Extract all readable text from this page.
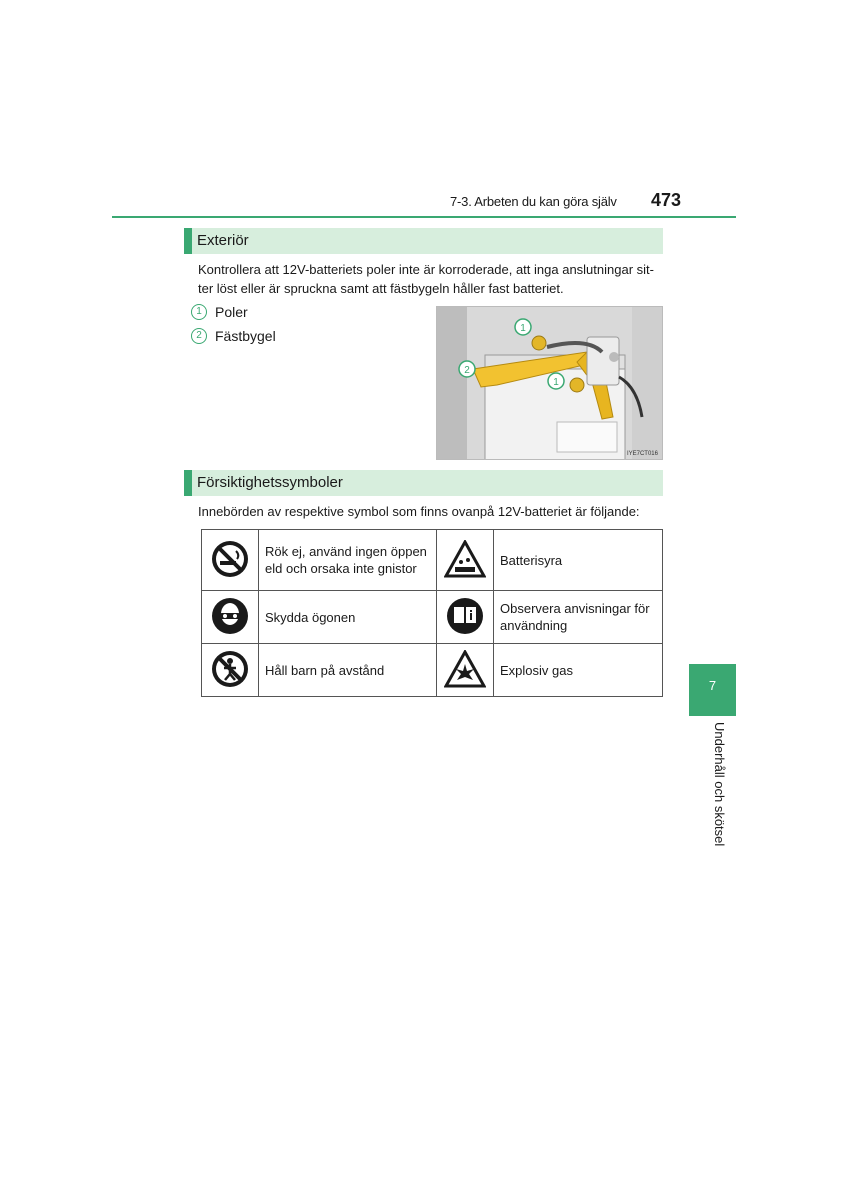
7-3. Arbeten du kan göra själv 473
Exteriör
Kontrollera att 12V-batteriets poler inte är korroderade, att inga anslutningar sit-ter löst eller är spruckna samt att fästbygeln håller fast batteriet.
1 Poler
2 Fästbygel	1
2
1
IYE7CT016
Försiktighetssymboler
Innebörden av respektive symbol som finns ovanpå 12V-batteriet är följande:
	Rök ej, använd ingen öppen eld och orsaka inte gnistor		Batterisyra
	Skydda ögonen		Observera anvisningar för användning
	Håll barn på avstånd		Explosiv gas
7
Underhåll och skötsel
